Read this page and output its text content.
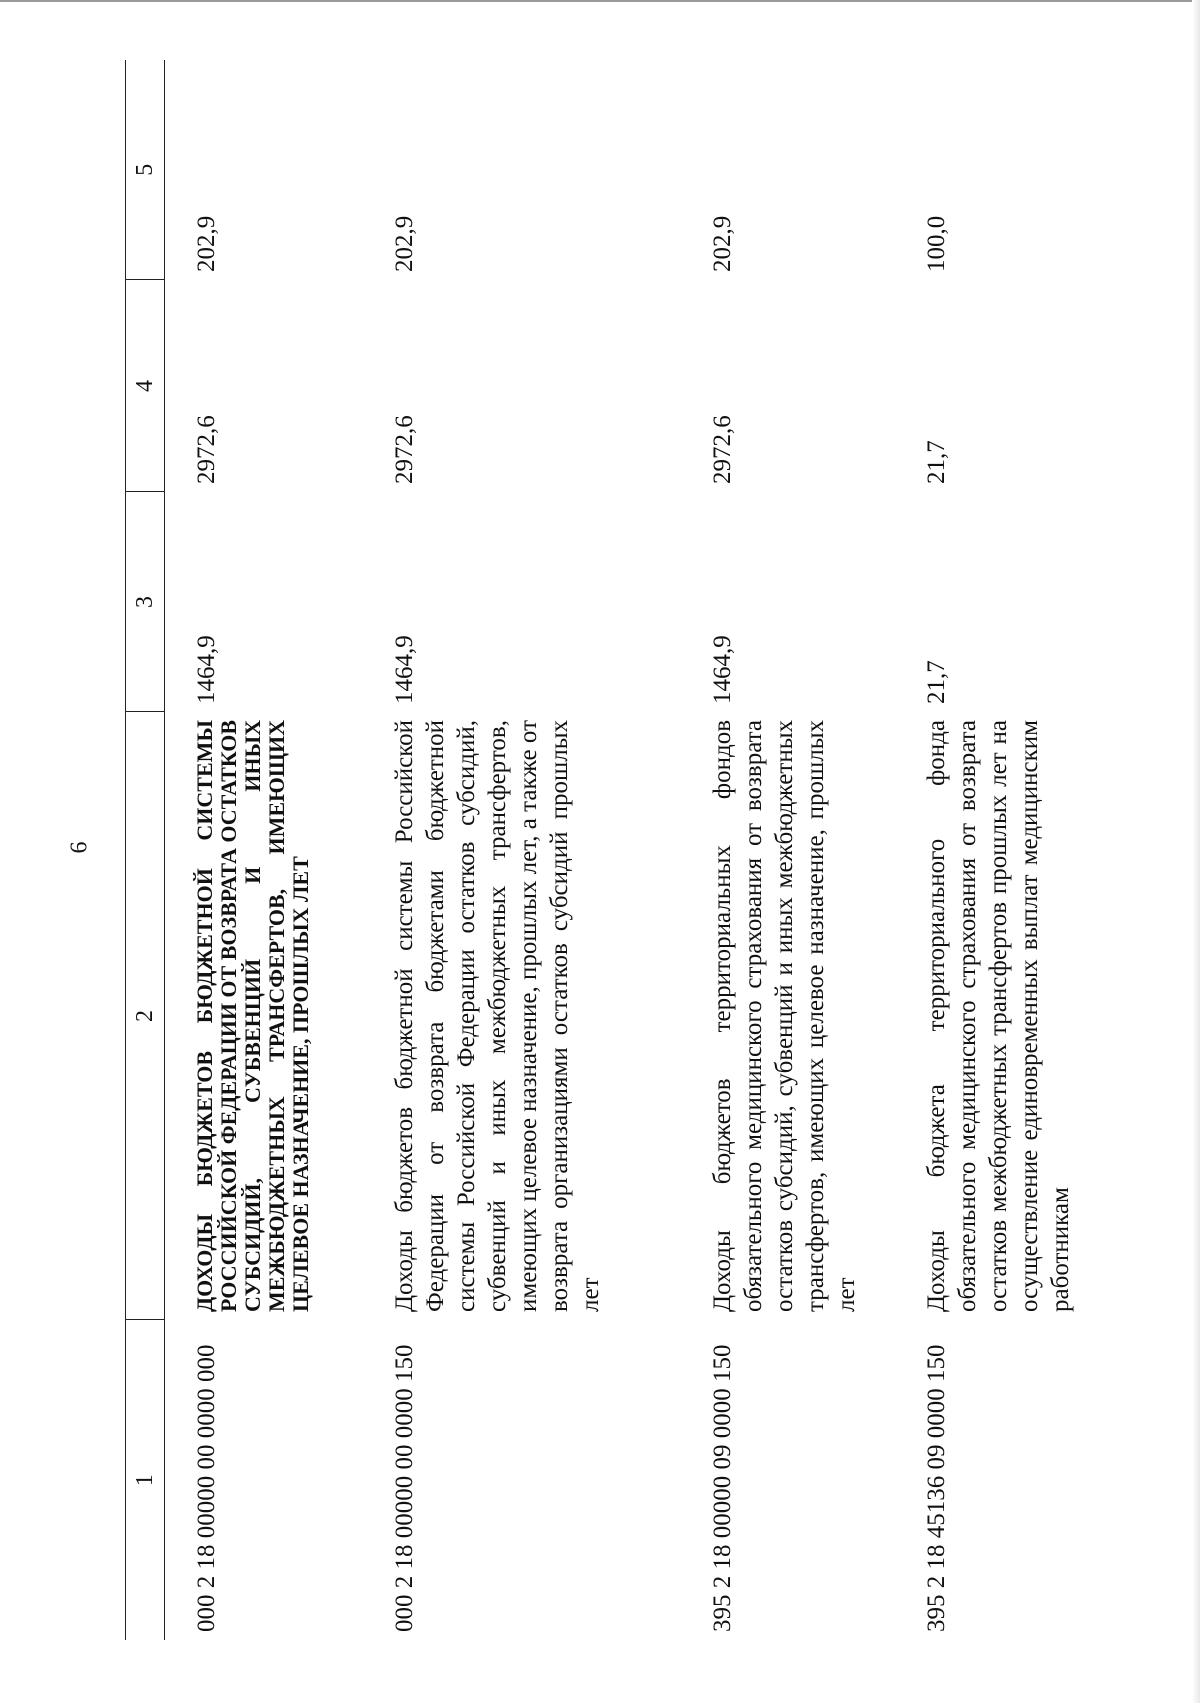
6
1	2	3	4	5
000 2 18 00000 00 0000 000	ДОХОДЫ БЮДЖЕТОВ БЮДЖЕТНОЙ СИСТЕМЫ РОССИЙСКОЙ ФЕДЕРАЦИИ ОТ ВОЗВРАТА ОСТАТКОВ СУБСИДИЙ, СУБВЕНЦИЙ И ИНЫХ МЕЖБЮДЖЕТНЫХ ТРАНСФЕРТОВ, ИМЕЮЩИХ ЦЕЛЕВОЕ НАЗНАЧЕНИЕ, ПРОШЛЫХ ЛЕТ	1464,9	2972,6	202,9
000 2 18 00000 00 0000 150	Доходы бюджетов бюджетной системы Российской Федерации от возврата бюджетами бюджетной системы Российской Федерации остатков субсидий, субвенций и иных межбюджетных трансфертов, имеющих целевое назначение, прошлых лет, а также от возврата организациями остатков субсидий прошлых лет	1464,9	2972,6	202,9
395 2 18 00000 09 0000 150	Доходы бюджетов территориальных фондов обязательного медицинского страхования от возврата остатков субсидий, субвенций и иных межбюджетных трансфертов, имеющих целевое назначение, прошлых лет	1464,9	2972,6	202,9
395 2 18 45136 09 0000 150	Доходы бюджета территориального фонда обязательного медицинского страхования от возврата остатков межбюджетных трансфертов прошлых лет на осуществление единовременных выплат медицинским работникам	21,7	21,7	100,0
